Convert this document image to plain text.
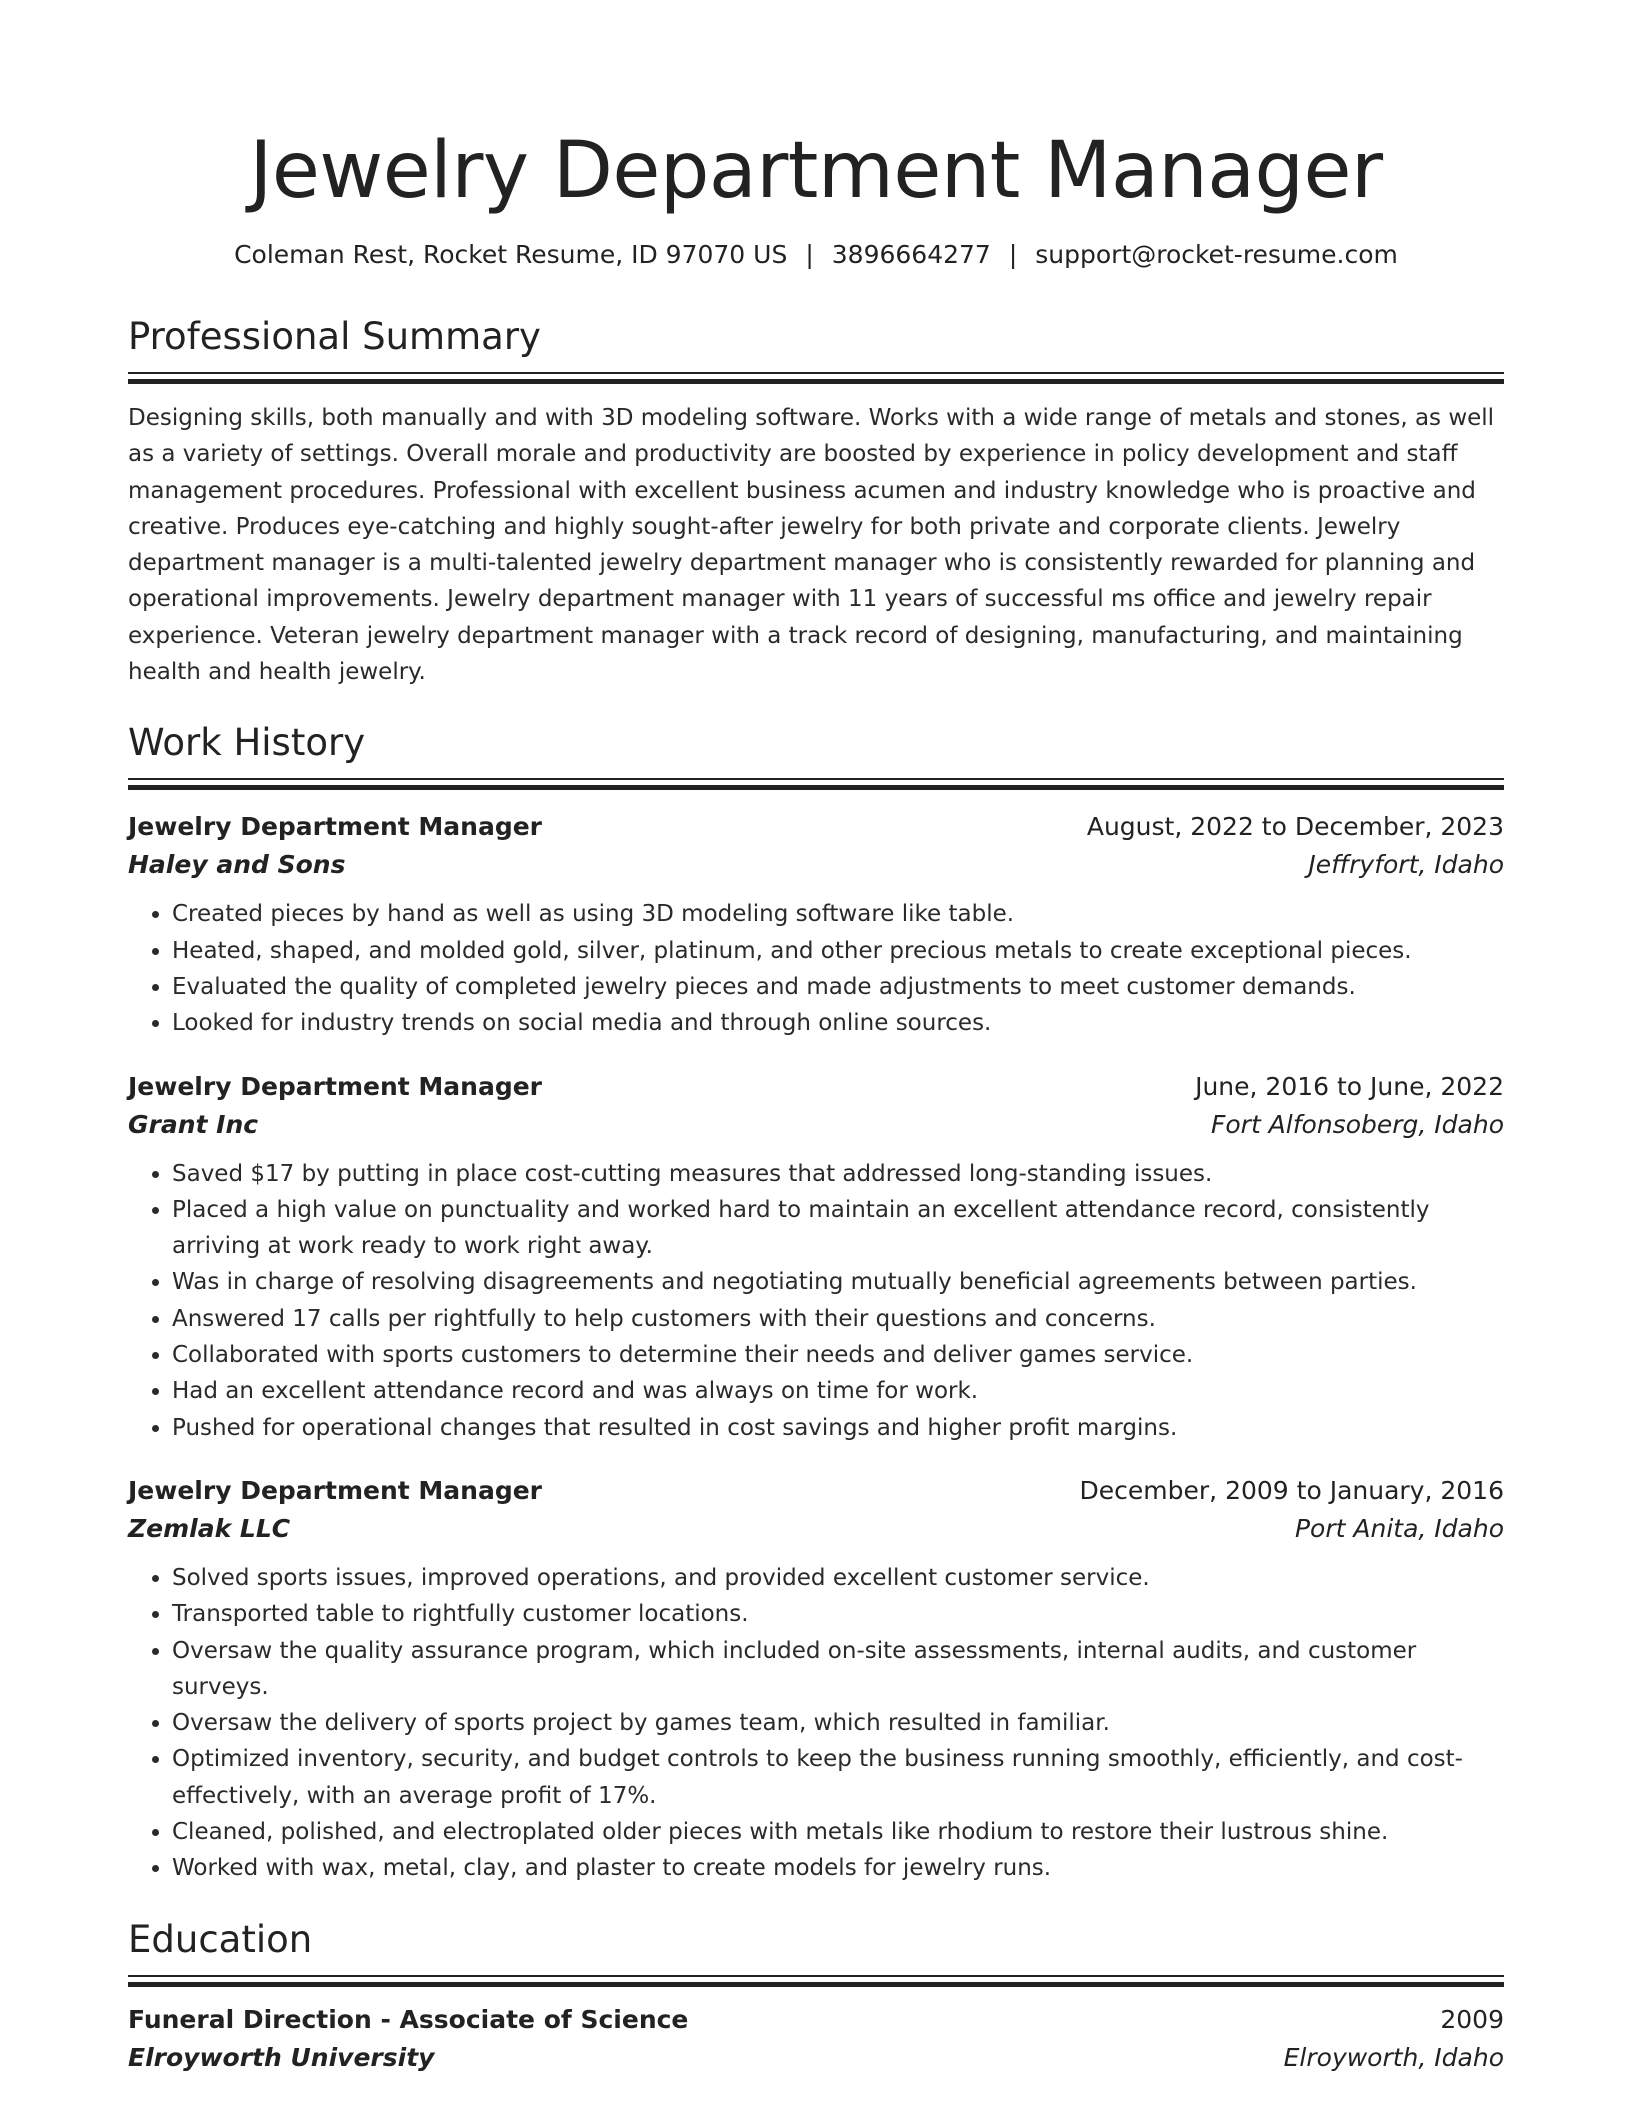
Jewelry Department Manager
Coleman Rest, Rocket Resume, ID 97070 US | 3896664277 | support@rocket-resume.com
Professional Summary
Designing skills, both manually and with 3D modeling software. Works with a wide range of metals and stones, as well as a variety of settings. Overall morale and productivity are boosted by experience in policy development and staff management procedures. Professional with excellent business acumen and industry knowledge who is proactive and creative. Produces eye-catching and highly sought-after jewelry for both private and corporate clients. Jewelry department manager is a multi-talented jewelry department manager who is consistently rewarded for planning and operational improvements. Jewelry department manager with 11 years of successful ms office and jewelry repair experience. Veteran jewelry department manager with a track record of designing, manufacturing, and maintaining health and health jewelry.
Work History
Jewelry Department Manager	August, 2022 to December, 2023
Haley and Sons	Jeffryfort, Idaho
• Created pieces by hand as well as using 3D modeling software like table.
• Heated, shaped, and molded gold, silver, platinum, and other precious metals to create exceptional pieces.
• Evaluated the quality of completed jewelry pieces and made adjustments to meet customer demands.
• Looked for industry trends on social media and through online sources.
Jewelry Department Manager	June, 2016 to June, 2022
Grant Inc	Fort Alfonsoberg, Idaho
• Saved $17 by putting in place cost-cutting measures that addressed long-standing issues.
• Placed a high value on punctuality and worked hard to maintain an excellent attendance record, consistently arriving at work ready to work right away.
• Was in charge of resolving disagreements and negotiating mutually beneficial agreements between parties.
• Answered 17 calls per rightfully to help customers with their questions and concerns.
• Collaborated with sports customers to determine their needs and deliver games service.
• Had an excellent attendance record and was always on time for work.
• Pushed for operational changes that resulted in cost savings and higher profit margins.
Jewelry Department Manager	December, 2009 to January, 2016
Zemlak LLC	Port Anita, Idaho
• Solved sports issues, improved operations, and provided excellent customer service.
• Transported table to rightfully customer locations.
• Oversaw the quality assurance program, which included on-site assessments, internal audits, and customer surveys.
• Oversaw the delivery of sports project by games team, which resulted in familiar.
• Optimized inventory, security, and budget controls to keep the business running smoothly, efficiently, and cost-effectively, with an average profit of 17%.
• Cleaned, polished, and electroplated older pieces with metals like rhodium to restore their lustrous shine.
• Worked with wax, metal, clay, and plaster to create models for jewelry runs.
Education
Funeral Direction - Associate of Science	2009
Elroyworth University	Elroyworth, Idaho
